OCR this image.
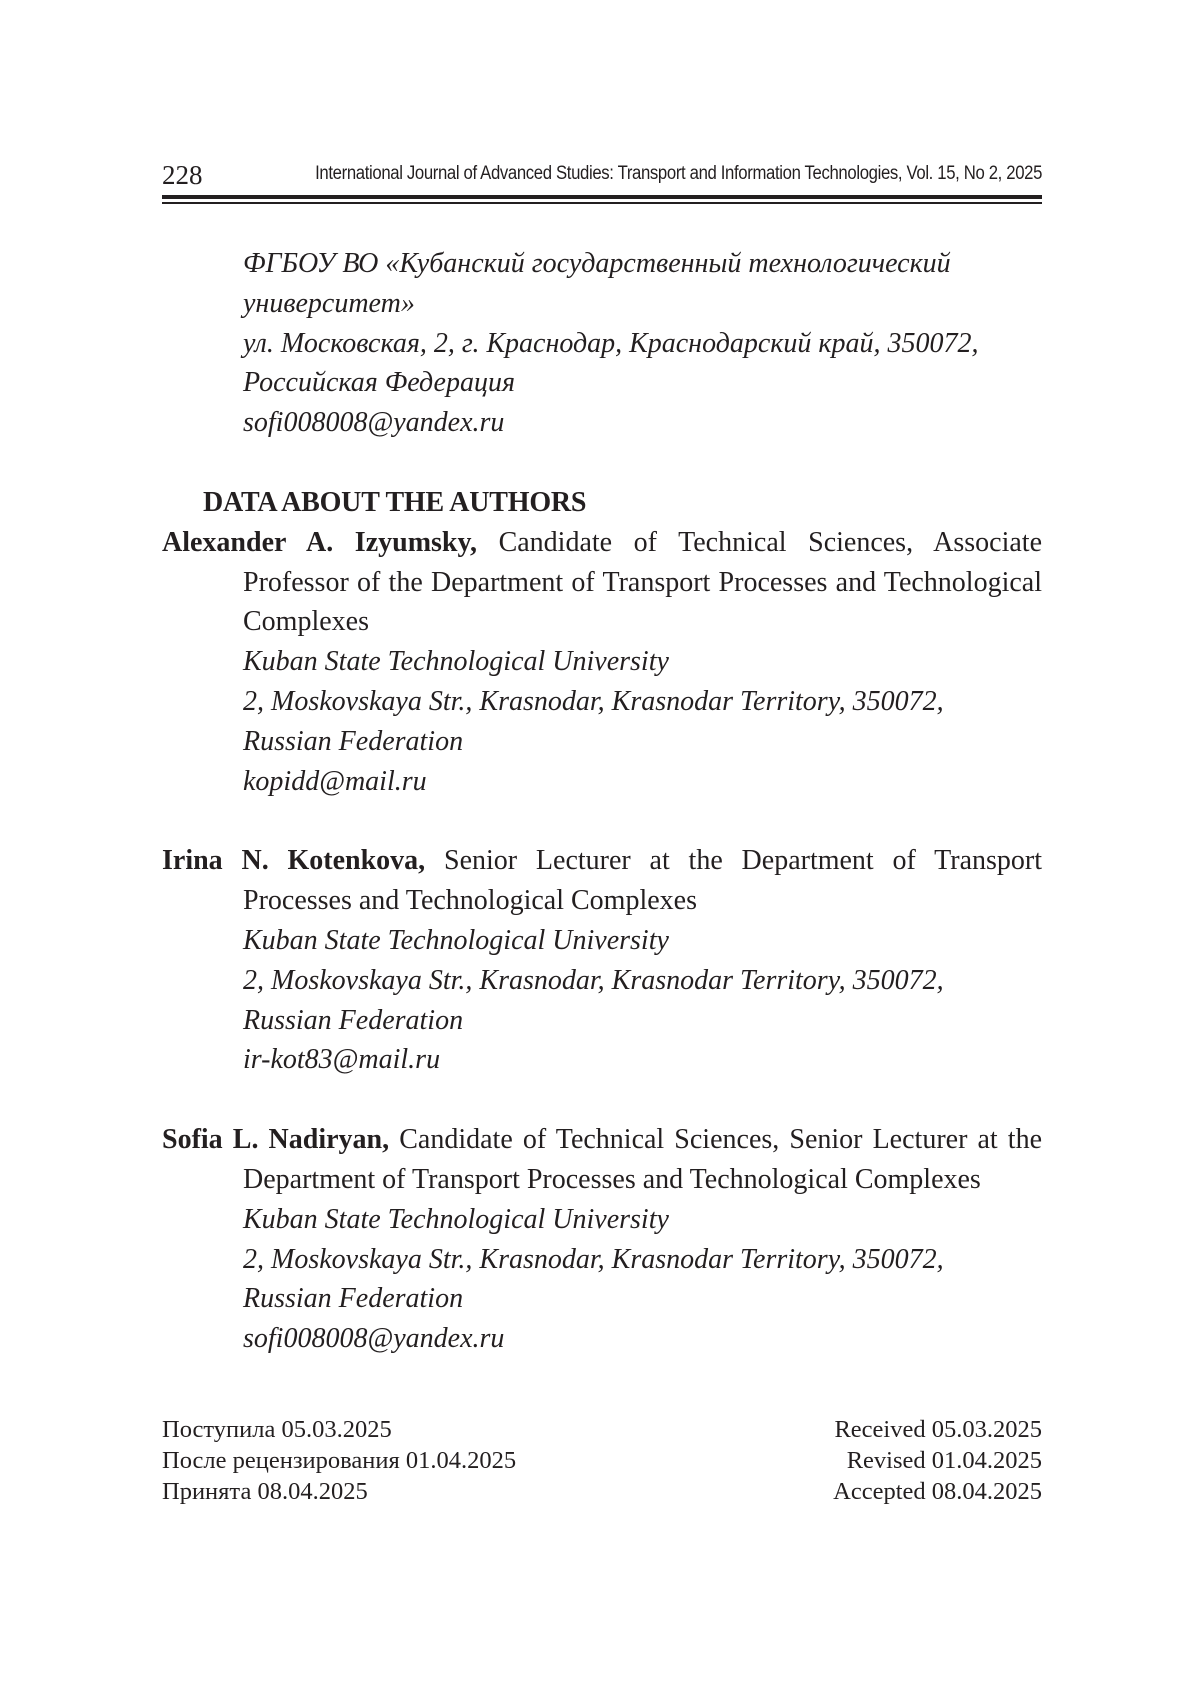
228	International Journal of Advanced Studies: Transport and Information Technologies, Vol. 15, No 2, 2025
ФГБОУ ВО «Кубанский государственный технологический
университет»
ул. Московская, 2, г. Краснодар, Краснодарский край, 350072,
Российская Федерация
sofi008008@yandex.ru
DATA ABOUT THE AUTHORS
Alexander A. Izyumsky, Candidate of Technical Sciences, Associate Professor of the Department of Transport Processes and Technological Complexes
Kuban State Technological University
2, Moskovskaya Str., Krasnodar, Krasnodar Territory, 350072,
Russian Federation
kopidd@mail.ru
Irina N. Kotenkova, Senior Lecturer at the Department of Transport Processes and Technological Complexes
Kuban State Technological University
2, Moskovskaya Str., Krasnodar, Krasnodar Territory, 350072,
Russian Federation
ir-kot83@mail.ru
Sofia L. Nadiryan, Candidate of Technical Sciences, Senior Lecturer at the Department of Transport Processes and Technological Complexes
Kuban State Technological University
2, Moskovskaya Str., Krasnodar, Krasnodar Territory, 350072,
Russian Federation
sofi008008@yandex.ru
Поступила 05.03.2025
После рецензирования 01.04.2025
Принята 08.04.2025
Received 05.03.2025
Revised 01.04.2025
Accepted 08.04.2025
